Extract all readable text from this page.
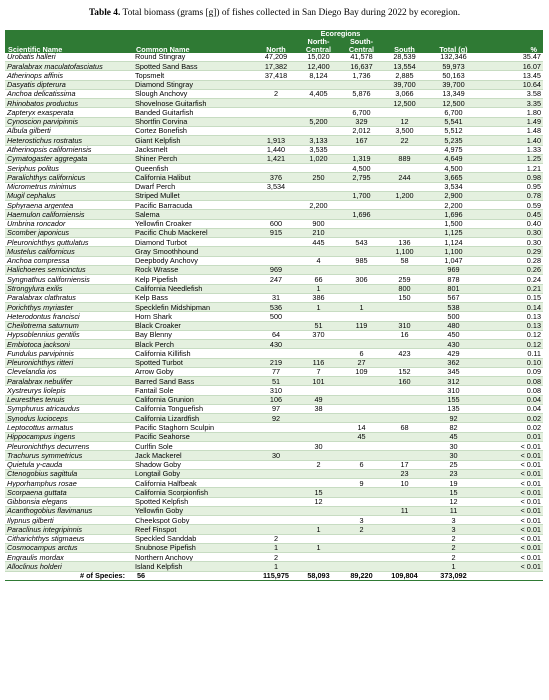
Table 4. Total biomass (grams [g]) of fishes collected in San Diego Bay during 2022 by ecoregion.
		Ecoregions					
Scientific Name	Common Name	North	North-Central	South-Central	South	Total (g)	%
Urobatis halleri	Round Stingray	47,209	15,020	41,578	28,539	132,346	35.47
Paralabrax maculatofasciatus	Spotted Sand Bass	17,382	12,400	16,637	13,554	59,973	16.07
Atherinops affinis	Topsmelt	37,418	8,124	1,736	2,885	50,163	13.45
Dasyatis dipterura	Diamond Stingray				39,700	39,700	10.64
Anchoa delicatissima	Slough Anchovy	2	4,405	5,876	3,066	13,349	3.58
Rhinobatos productus	Shovelnose Guitarfish				12,500	12,500	3.35
Zapteryx exasperata	Banded Guitarfish			6,700		6,700	1.80
Cynoscion parvipinnis	Shortfin Corvina		5,200	329	12	5,541	1.49
Albula gilberti	Cortez Bonefish			2,012	3,500	5,512	1.48
Heterostichus rostratus	Giant Kelpfish	1,913	3,133	167	22	5,235	1.40
Atherinopsis californiensis	Jacksmelt	1,440	3,535			4,975	1.33
Cymatogaster aggregata	Shiner Perch	1,421	1,020	1,319	889	4,649	1.25
Seriphus politus	Queenfish			4,500		4,500	1.21
Paralichthys californicus	California Halibut	376	250	2,795	244	3,665	0.98
Micrometrus minimus	Dwarf Perch	3,534				3,534	0.95
Mugil cephalus	Striped Mullet			1,700	1,200	2,900	0.78
Sphyraena argentea	Pacific Barracuda		2,200			2,200	0.59
Haemulon californiensis	Salema			1,696		1,696	0.45
Umbrina roncador	Yellowfin Croaker	600	900			1,500	0.40
Scomber japonicus	Pacific Chub Mackerel	915	210			1,125	0.30
Pleuronichthys guttulatus	Diamond Turbot		445	543	136	1,124	0.30
Mustelus californicus	Gray Smoothhound				1,100	1,100	0.29
Anchoa compressa	Deepbody Anchovy		4	985	58	1,047	0.28
Halichoeres semicinctus	Rock Wrasse	969				969	0.26
Syngnathus californiensis	Kelp Pipefish	247	66	306	259	878	0.24
Strongylura exilis	California Needlefish		1		800	801	0.21
Paralabrax clathratus	Kelp Bass	31	386		150	567	0.15
Porichthys myriaster	Specklefin Midshipman	536	1	1		538	0.14
Heterodontus francisci	Horn Shark	500				500	0.13
Cheilotrema saturnum	Black Croaker		51	119	310	480	0.13
Hypsoblennius gentilis	Bay Blenny	64	370		16	450	0.12
Embiotoca jacksoni	Black Perch	430				430	0.12
Fundulus parvipinnis	California Killifish			6	423	429	0.11
Pleuronichthys ritteri	Spotted Turbot	219	116	27		362	0.10
Clevelandia ios	Arrow Goby	77	7	109	152	345	0.09
Paralabrax nebulifer	Barred Sand Bass	51	101		160	312	0.08
Xystreurys liolepis	Fantail Sole	310				310	0.08
Leuresthes tenuis	California Grunion	106	49			155	0.04
Symphurus atricaudus	California Tonguefish	97	38			135	0.04
Synodus lucioceps	California Lizardfish	92				92	0.02
Leptocottus armatus	Pacific Staghorn Sculpin			14	68	82	0.02
Hippocampus ingens	Pacific Seahorse			45		45	0.01
Pleuronichthys decurrens	Curlfin Sole		30			30	< 0.01
Trachurus symmetricus	Jack Mackerel	30				30	< 0.01
Quietula y-cauda	Shadow Goby		2	6	17	25	< 0.01
Ctenogobius sagittula	Longtail Goby				23	23	< 0.01
Hyporhamphus rosae	California Halfbeak			9	10	19	< 0.01
Scorpaena guttata	California Scorpionfish		15			15	< 0.01
Gibbonsia elegans	Spotted Kelpfish		12			12	< 0.01
Acanthogobius flavimanus	Yellowfin Goby				11	11	< 0.01
Ilypnus gilberti	Cheekspot Goby			3		3	< 0.01
Paraclinus integripinnis	Reef Finspot		1	2		3	< 0.01
Citharichthys stigmaeus	Speckled Sanddab	2				2	< 0.01
Cosmocampus arctus	Snubnose Pipefish	1	1			2	< 0.01
Engraulis mordax	Northern Anchovy	2				2	< 0.01
Alloclinus holderi	Island Kelpfish	1				1	< 0.01
# of Species:	56	115,975	58,093	89,220	109,804	373,092	
